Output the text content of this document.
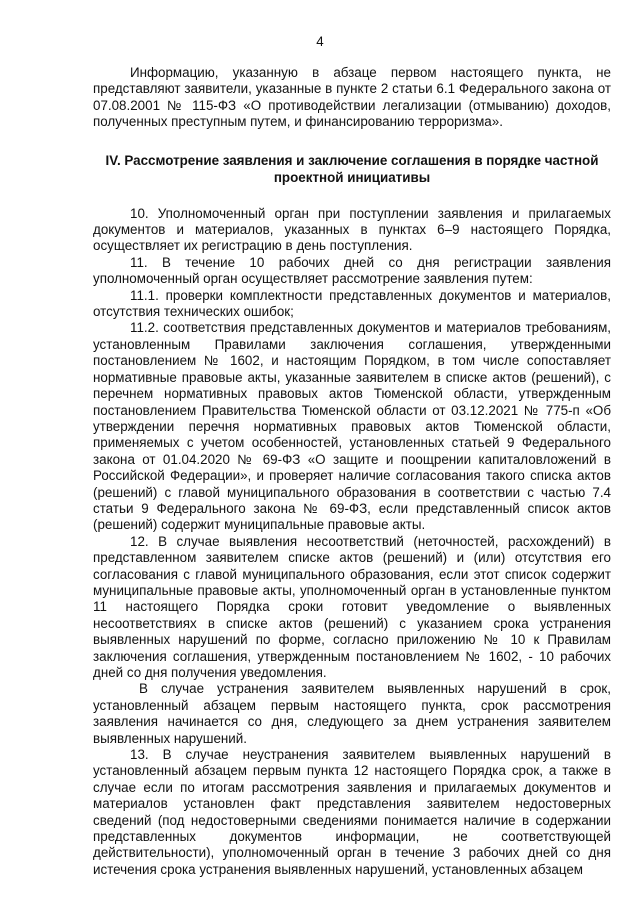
4

Информацию, указанную в абзаце первом настоящего пункта, не представляют заявители, указанные в пункте 2 статьи 6.1 Федерального закона от 07.08.2001 № 115-ФЗ «О противодействии легализации (отмыванию) доходов, полученных преступным путем, и финансированию терроризма».

IV. Рассмотрение заявления и заключение соглашения в порядке частной
проектной инициативы

10. Уполномоченный орган при поступлении заявления и прилагаемых документов и материалов, указанных в пунктах 6–9 настоящего Порядка, осуществляет их регистрацию в день поступления.

11. В течение 10 рабочих дней со дня регистрации заявления уполномоченный орган осуществляет рассмотрение заявления путем:

11.1. проверки комплектности представленных документов и материалов, отсутствия технических ошибок;

11.2. соответствия представленных документов и материалов требованиям, установленным Правилами заключения соглашения, утвержденными постановлением № 1602, и настоящим Порядком, в том числе сопоставляет нормативные правовые акты, указанные заявителем в списке актов (решений), с перечнем нормативных правовых актов Тюменской области, утвержденным постановлением Правительства Тюменской области от 03.12.2021 № 775-п «Об утверждении перечня нормативных правовых актов Тюменской области, применяемых с учетом особенностей, установленных статьей 9 Федерального закона от 01.04.2020 № 69-ФЗ «О защите и поощрении капиталовложений в Российской Федерации», и проверяет наличие согласования такого списка актов (решений) с главой муниципального образования в соответствии с частью 7.4 статьи 9 Федерального закона № 69-ФЗ, если представленный список актов (решений) содержит муниципальные правовые акты.

12. В случае выявления несоответствий (неточностей, расхождений) в представленном заявителем списке актов (решений) и (или) отсутствия его согласования с главой муниципального образования, если этот список содержит муниципальные правовые акты, уполномоченный орган в установленные пунктом 11 настоящего Порядка сроки готовит уведомление о выявленных несоответствиях в списке актов (решений) с указанием срока устранения выявленных нарушений по форме, согласно приложению № 10 к Правилам заключения соглашения, утвержденным постановлением № 1602, - 10 рабочих дней со дня получения уведомления.

В случае устранения заявителем выявленных нарушений в срок, установленный абзацем первым настоящего пункта, срок рассмотрения заявления начинается со дня, следующего за днем устранения заявителем выявленных нарушений.

13. В случае неустранения заявителем выявленных нарушений в установленный абзацем первым пункта 12 настоящего Порядка срок, а также в случае если по итогам рассмотрения заявления и прилагаемых документов и материалов установлен факт представления заявителем недостоверных сведений (под недостоверными сведениями понимается наличие в содержании представленных документов информации, не соответствующей действительности), уполномоченный орган в течение 3 рабочих дней со дня истечения срока устранения выявленных нарушений, установленных абзацем
